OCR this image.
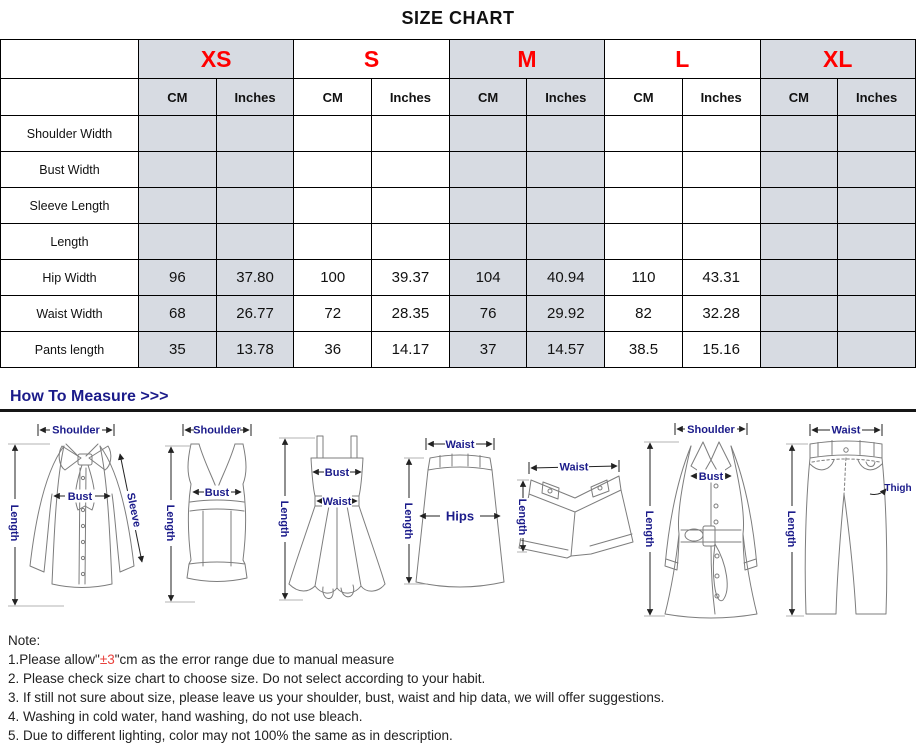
SIZE CHART
	XS		S		M		L		XL	
	CM	Inches	CM	Inches	CM	Inches	CM	Inches	CM	Inches
Shoulder Width										
Bust Width										
Sleeve Length										
Length										
Hip Width	96	37.80	100	39.37	104	40.94	110	43.31		
Waist Width	68	26.77	72	28.35	76	29.92	82	32.28		
Pants length	35	13.78	36	14.17	37	14.57	38.5	15.16		
How To Measure >>>
Shoulder
Bust
Length	Sleeve
Shoulder
Bust
Length
Bust
Waist
Length
Waist
Hips
Length
Waist
Length
Shoulder
Bust
Length
Waist
Thigh
Length
Note:
1.Please allow"±3"cm as the error range due to manual measure
2. Please check size chart to choose size. Do not select according to your habit.
3. If still not sure about size, please leave us your shoulder, bust, waist and hip data, we will offer suggestions.
4. Washing in cold water, hand washing, do not use bleach.
5. Due to different lighting, color may not 100% the same as in description.
